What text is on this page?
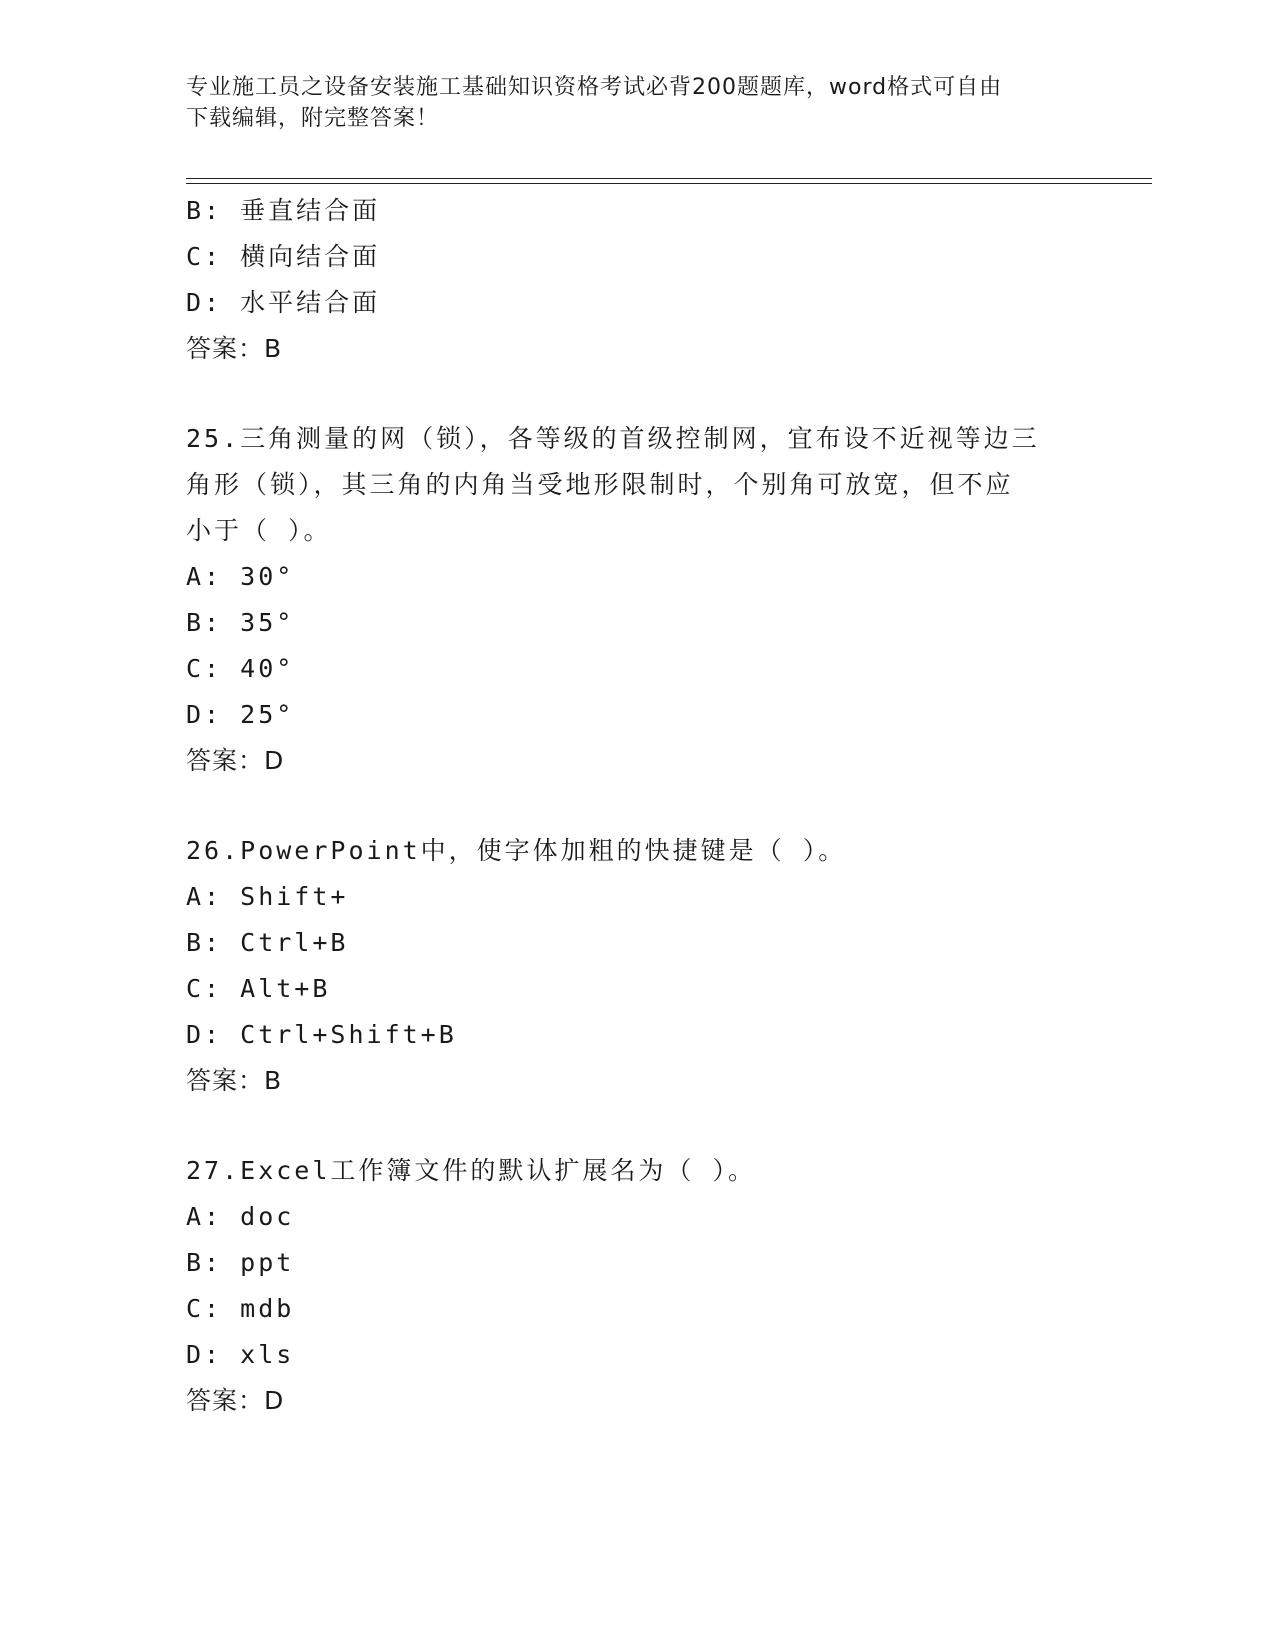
专业施工员之设备安装施工基础知识资格考试必背200题题库，word格式可自由
下载编辑，附完整答案！
B: 垂直结合面
C: 横向结合面
D: 水平结合面
答案：B
25.三角测量的网（锁），各等级的首级控制网，宜布设不近视等边三
角形（锁），其三角的内角当受地形限制时，个别角可放宽，但不应
小于（ ）。
A: 30°
B: 35°
C: 40°
D: 25°
答案：D
26.PowerPoint中，使字体加粗的快捷键是（ ）。
A: Shift+
B: Ctrl+B
C: Alt+B
D: Ctrl+Shift+B
答案：B
27.Excel工作簿文件的默认扩展名为（ ）。
A: doc
B: ppt
C: mdb
D: xls
答案：D
